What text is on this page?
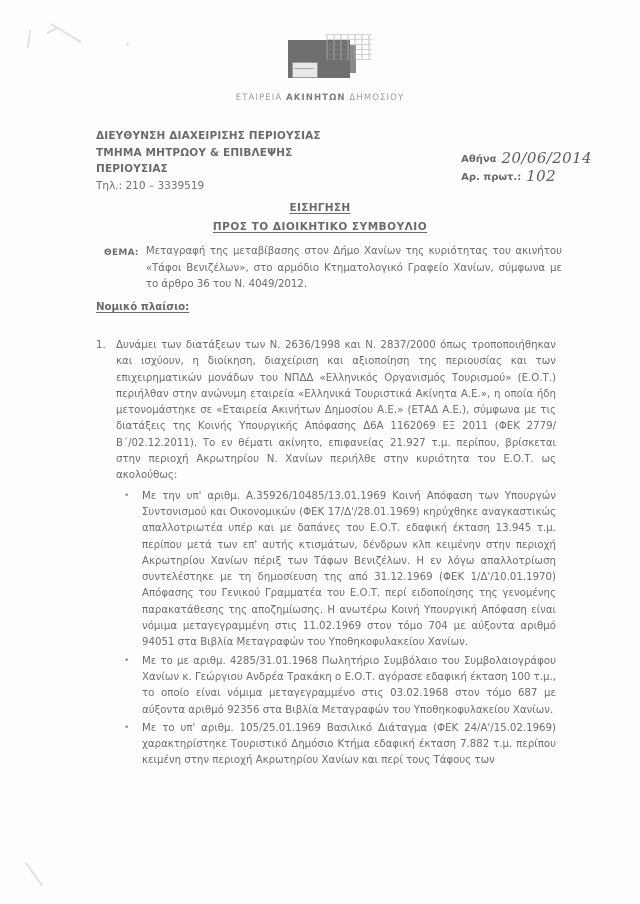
ΕΤΑΙΡΕΙΑ ΑΚΙΝΗΤΩΝ ΔΗΜΟΣΙΟΥ
ΔΙΕΥΘΥΝΣΗ ΔΙΑΧΕΙΡΙΣΗΣ ΠΕΡΙΟΥΣΙΑΣ
ΤΜΗΜΑ ΜΗΤΡΩΟΥ & ΕΠΙΒΛΕΨΗΣ
ΠΕΡΙΟΥΣΙΑΣ
Τηλ.: 210 – 3339519
Αθήνα 20/06/2014
Αρ. πρωτ.: 102
ΕΙΣΗΓΗΣΗ
ΠΡΟΣ ΤΟ ΔΙΟΙΚΗΤΙΚΟ ΣΥΜΒΟΥΛΙΟ
ΘΕΜΑ: Μεταγραφή της μεταβίβασης στον Δήμο Χανίων της κυριότητας του ακινήτου «Τάφοι Βενιζέλων», στο αρμόδιο Κτηματολογικό Γραφείο Χανίων, σύμφωνα με το άρθρο 36 του Ν. 4049/2012.
Νομικό πλαίσιο:
1.	Δυνάμει των διατάξεων των Ν. 2636/1998 και Ν. 2837/2000 όπως τροποποιήθηκαν και ισχύουν, η διοίκηση, διαχείριση και αξιοποίηση της περιουσίας και των επιχειρηματικών μονάδων του ΝΠΔΔ «Ελληνικός Οργανισμός Τουρισμού» (Ε.Ο.Τ.) περιήλθαν στην ανώνυμη εταιρεία «Ελληνικά Τουριστικά Ακίνητα Α.Ε.», η οποία ήδη μετονομάστηκε σε «Εταιρεία Ακινήτων Δημοσίου Α.Ε.» (ΕΤΑΔ Α.Ε.), σύμφωνα με τις διατάξεις της Κοινής Υπουργικής Απόφασης Δ6Α 1162069 ΕΞ 2011 (ΦΕΚ 2779/Β΄/02.12.2011). Το εν θέματι ακίνητο, επιφανείας 21.927 τ.μ. περίπου, βρίσκεται στην περιοχή Ακρωτηρίου Ν. Χανίων περιήλθε στην κυριότητα του Ε.Ο.Τ. ως ακολούθως:

• Με την υπ' αριθμ. Α.35926/10485/13.01.1969 Κοινή Απόφαση των Υπουργών Συντονισμού και Οικονομικών (ΦΕΚ 17/Δ'/28.01.1969) κηρύχθηκε αναγκαστικώς απαλλοτριωτέα υπέρ και με δαπάνες του Ε.Ο.Τ. εδαφική έκταση 13.945 τ.μ. περίπου μετά των επ' αυτής κτισμάτων, δένδρων κλπ κειμένην στην περιοχή Ακρωτηρίου Χανίων πέριξ των Τάφων Βενιζέλων. Η εν λόγω απαλλοτρίωση συντελέστηκε με τη δημοσίευση της από 31.12.1969 (ΦΕΚ 1/Δ'/10.01.1970) Απόφασης του Γενικού Γραμματέα του Ε.Ο.Τ. περί ειδοποίησης της γενομένης παρακατάθεσης της αποζημίωσης. Η ανωτέρω Κοινή Υπουργική Απόφαση είναι νόμιμα μεταγεγραμμένη στις 11.02.1969 στον τόμο 704 με αύξοντα αριθμό 94051 στα Βιβλία Μεταγραφών του Υποθηκοφυλακείου Χανίων.
• Με το με αριθμ. 4285/31.01.1968 Πωλητήριο Συμβόλαιο του Συμβολαιογράφου Χανίων κ. Γεώργιου Ανδρέα Τρακάκη ο Ε.Ο.Τ. αγόρασε εδαφική έκταση 100 τ.μ., το οποίο είναι νόμιμα μεταγεγραμμένο στις 03.02.1968 στον τόμο 687 με αύξοντα αριθμό 92356 στα Βιβλία Μεταγραφών του Υποθηκοφυλακείου Χανίων.
• Με το υπ' αριθμ. 105/25.01.1969 Βασιλικό Διάταγμα (ΦΕΚ 24/Α'/15.02.1969) χαρακτηρίστηκε Τουριστικό Δημόσιο Κτήμα εδαφική έκταση 7.882 τ.μ. περίπου κειμένη στην περιοχή Ακρωτηρίου Χανίων και περί τους Τάφους των
